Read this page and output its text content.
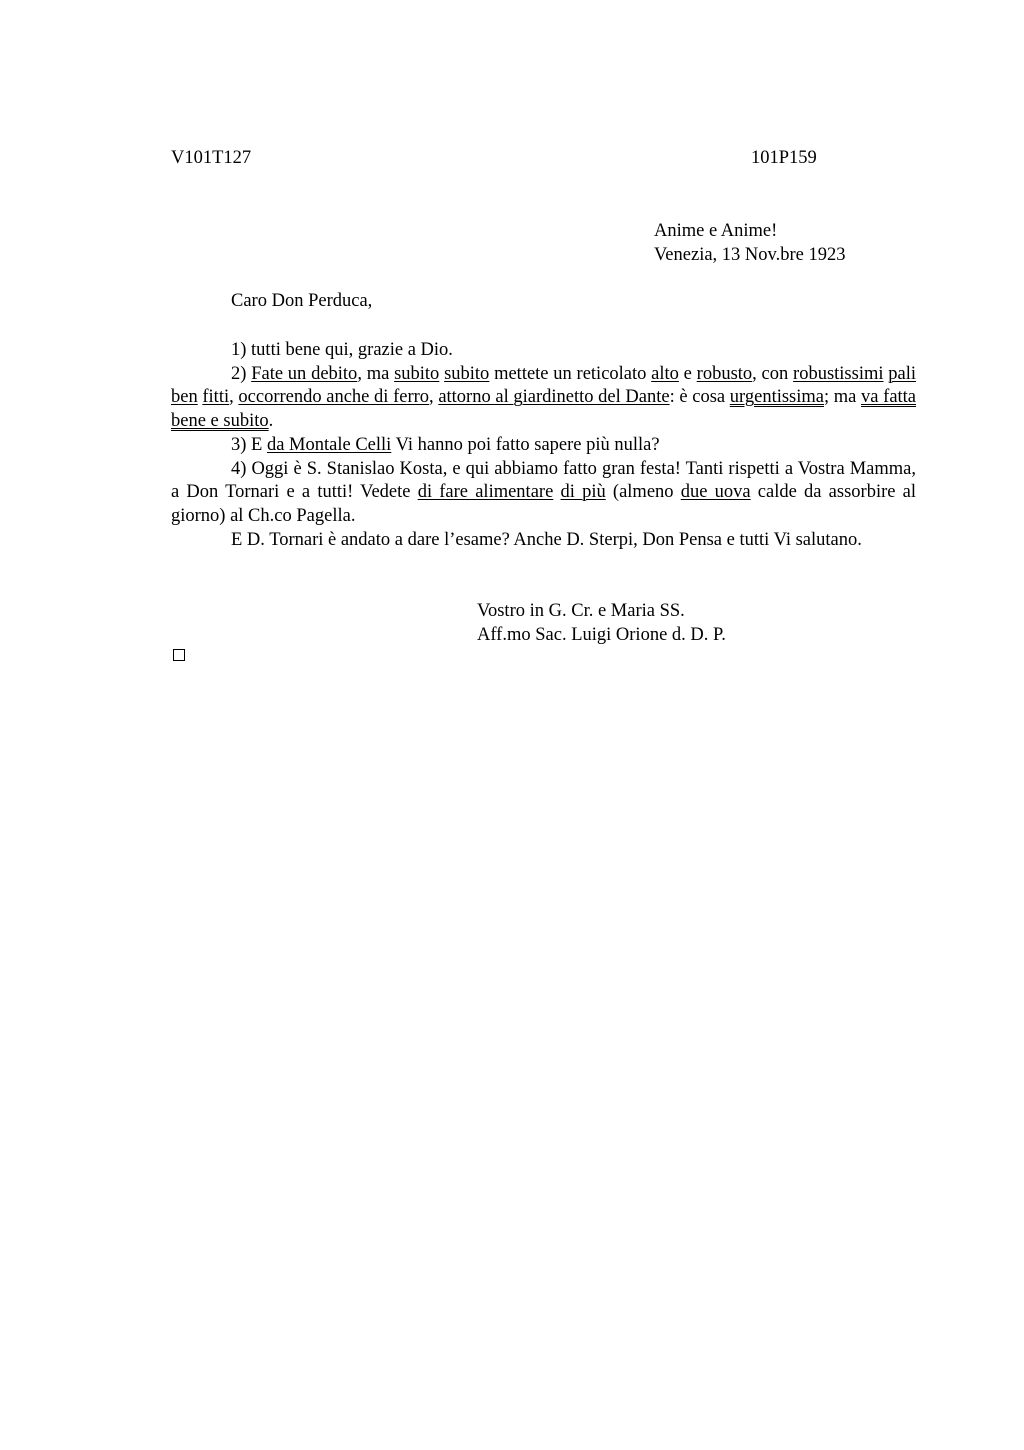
V101T127	101P159
Anime e Anime!
Venezia, 13 Nov.bre 1923
Caro Don Perduca,

1) tutti bene qui, grazie a Dio.

2) Fate un debito, ma subito subito mettete un reticolato alto e robusto, con robustissimi pali ben fitti, occorrendo anche di ferro, attorno al giardinetto del Dante: è cosa urgentissima; ma va fatta bene e subito.

3) E da Montale Celli Vi hanno poi fatto sapere più nulla?

4) Oggi è S. Stanislao Kosta, e qui abbiamo fatto gran festa! Tanti rispetti a Vostra Mamma, a Don Tornari e a tutti! Vedete di fare alimentare di più (almeno due uova calde da assorbire al giorno) al Ch.co Pagella.

E D. Tornari è andato a dare l’esame? Anche D. Sterpi, Don Pensa e tutti Vi salutano.

Vostro in G. Cr. e Maria SS.
Aff.mo Sac. Luigi Orione d. D. P.
